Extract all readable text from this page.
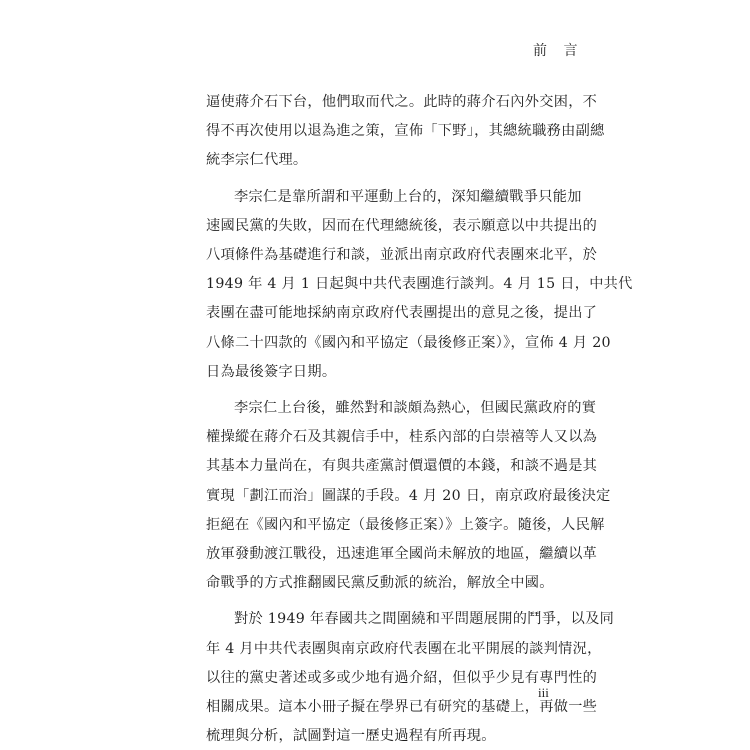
前 言

逼使蔣介石下台，他們取而代之。此時的蔣介石內外交困，不
得不再次使用以退為進之策，宣佈「下野」，其總統職務由副總
統李宗仁代理。

李宗仁是靠所謂和平運動上台的，深知繼續戰爭只能加
速國民黨的失敗，因而在代理總統後，表示願意以中共提出的
八項條件為基礎進行和談，並派出南京政府代表團來北平，於
1949 年 4 月 1 日起與中共代表團進行談判。4 月 15 日，中共代
表團在盡可能地採納南京政府代表團提出的意見之後，提出了
八條二十四款的《國內和平協定（最後修正案）》，宣佈 4 月 20
日為最後簽字日期。

李宗仁上台後，雖然對和談頗為熱心，但國民黨政府的實
權操縱在蔣介石及其親信手中，桂系內部的白崇禧等人又以為
其基本力量尚在，有與共產黨討價還價的本錢，和談不過是其
實現「劃江而治」圖謀的手段。4 月 20 日，南京政府最後決定
拒絕在《國內和平協定（最後修正案）》上簽字。隨後，人民解
放軍發動渡江戰役，迅速進軍全國尚未解放的地區，繼續以革
命戰爭的方式推翻國民黨反動派的統治，解放全中國。

對於 1949 年春國共之間圍繞和平問題展開的鬥爭，以及同
年 4 月中共代表團與南京政府代表團在北平開展的談判情況，
以往的黨史著述或多或少地有過介紹，但似乎少見有專門性的
相關成果。這本小冊子擬在學界已有研究的基礎上，再做一些
梳理與分析，試圖對這一歷史過程有所再現。

iii
